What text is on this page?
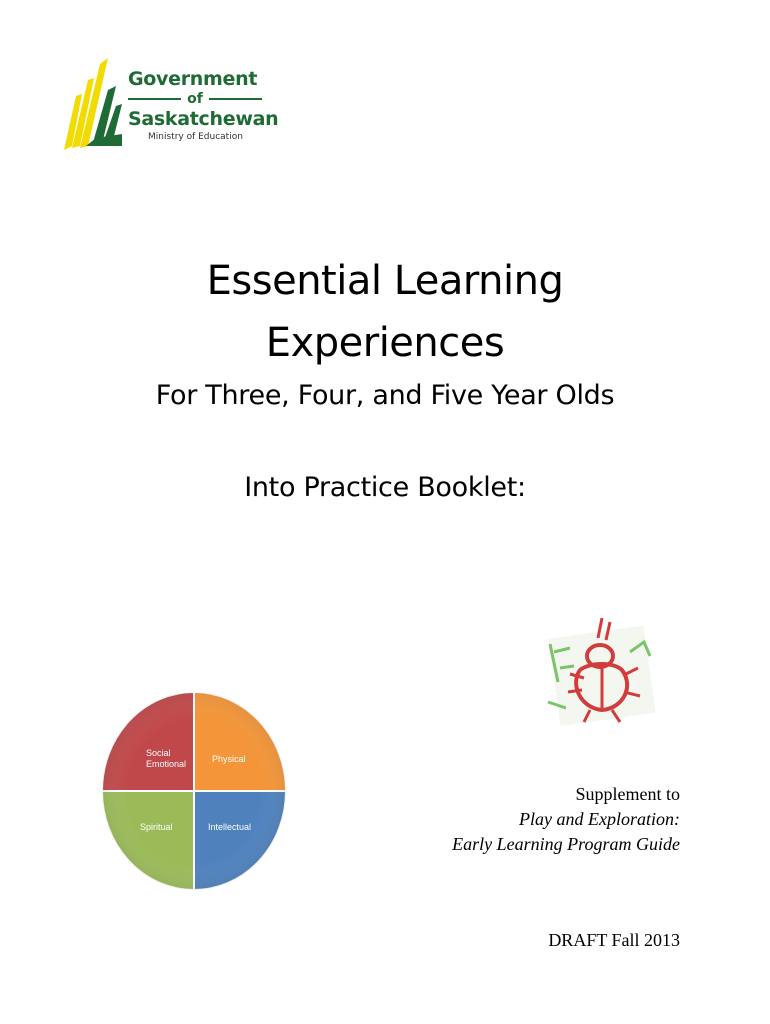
Government
of
Saskatchewan
Ministry of Education
Essential Learning
Experiences
For Three, Four, and Five Year Olds
Into Practice Booklet:
Social
Emotional	Physical
Spiritual	Intellectual
Supplement to
Play and Exploration:
Early Learning Program Guide
DRAFT Fall 2013
